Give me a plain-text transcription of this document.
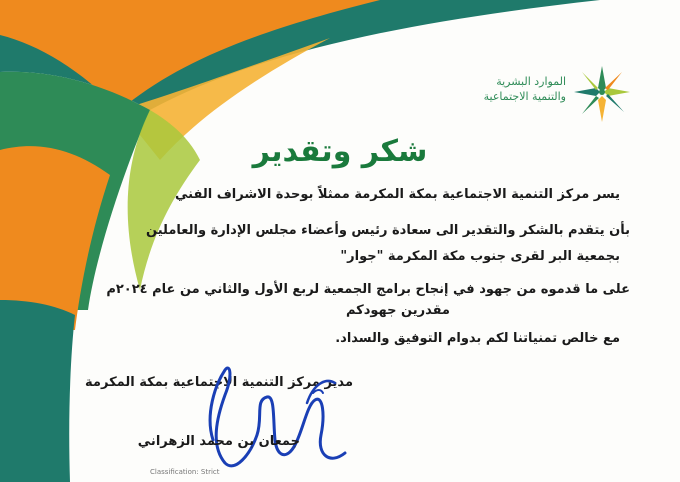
الموارد البشرية
والتنمية الاجتماعية
شكر وتقدير
يسر مركز التنمية الاجتماعية بمكة المكرمة ممثلاً بوحدة الاشراف الفني
بأن يتقدم بالشكر والتقدير الى سعادة رئيس وأعضاء مجلس الإدارة والعاملين
بجمعية البر لقرى جنوب مكة المكرمة "جوار"
على ما قدموه من جهود في إنجاح برامج الجمعية لربع الأول والثاني من عام ٢٠٢٤م
مقدرين جهودكم
مع خالص تمنياتنا لكم بدوام التوفيق والسداد.
مدير مركز التنمية الاجتماعية بمكة المكرمة
جمعان بن محمد الزهراني
Classification: Strict
